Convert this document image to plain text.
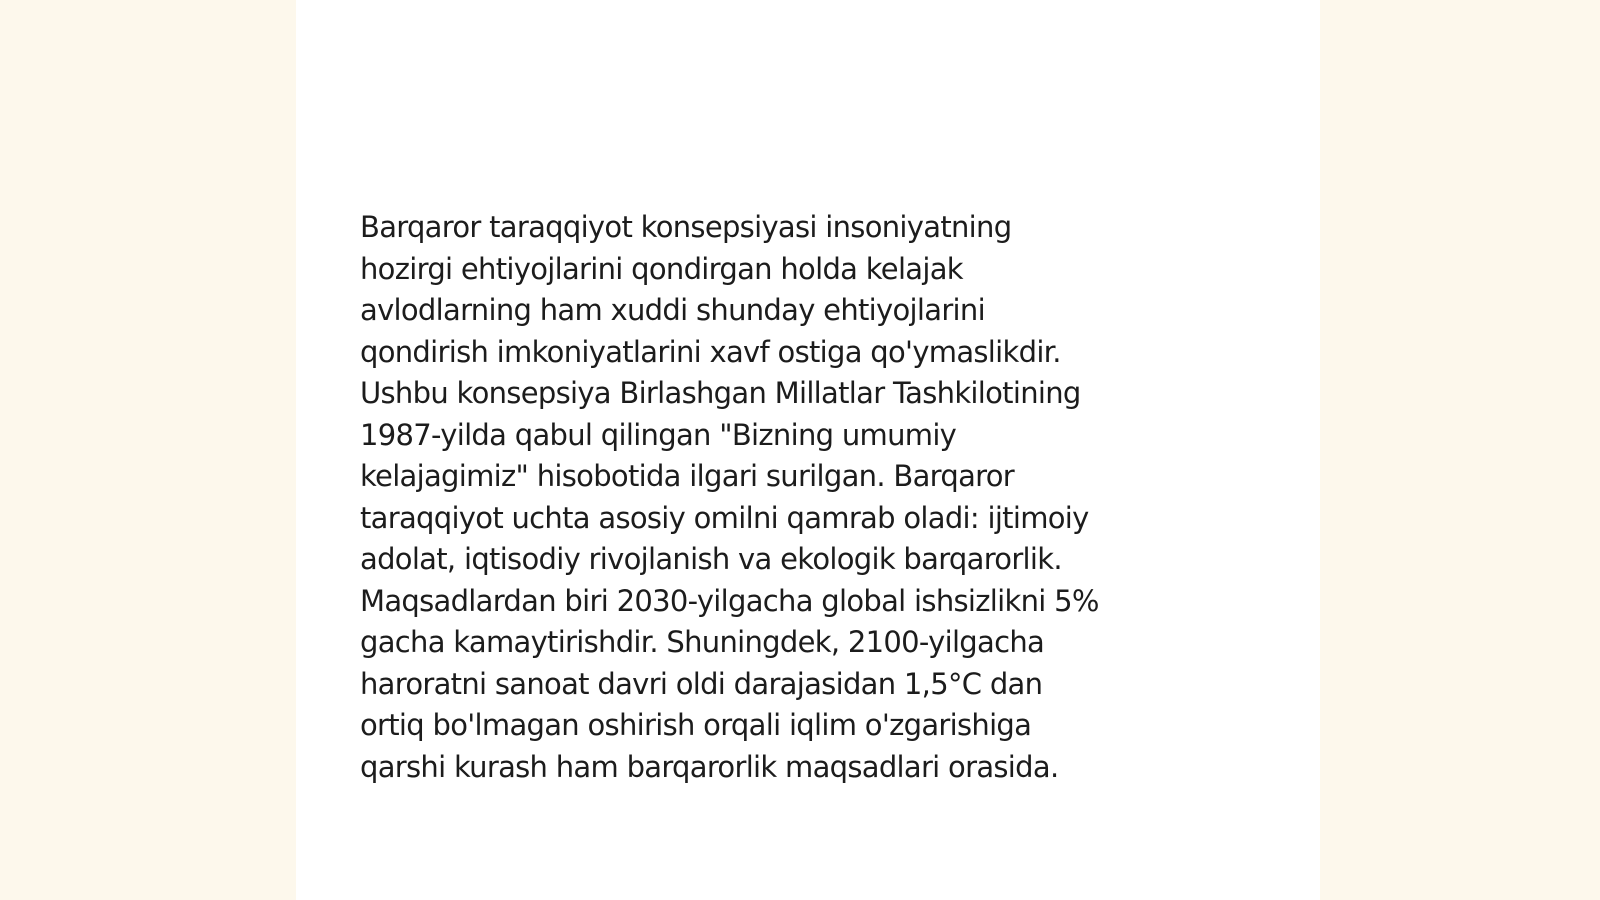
Barqaror taraqqiyot konsepsiyasi insoniyatning
hozirgi ehtiyojlarini qondirgan holda kelajak
avlodlarning ham xuddi shunday ehtiyojlarini
qondirish imkoniyatlarini xavf ostiga qo'ymaslikdir.
Ushbu konsepsiya Birlashgan Millatlar Tashkilotining
1987-yilda qabul qilingan "Bizning umumiy
kelajagimiz" hisobotida ilgari surilgan. Barqaror
taraqqiyot uchta asosiy omilni qamrab oladi: ijtimoiy
adolat, iqtisodiy rivojlanish va ekologik barqarorlik.
Maqsadlardan biri 2030-yilgacha global ishsizlikni 5%
gacha kamaytirishdir. Shuningdek, 2100-yilgacha
haroratni sanoat davri oldi darajasidan 1,5°C dan
ortiq bo'lmagan oshirish orqali iqlim o'zgarishiga
qarshi kurash ham barqarorlik maqsadlari orasida.
